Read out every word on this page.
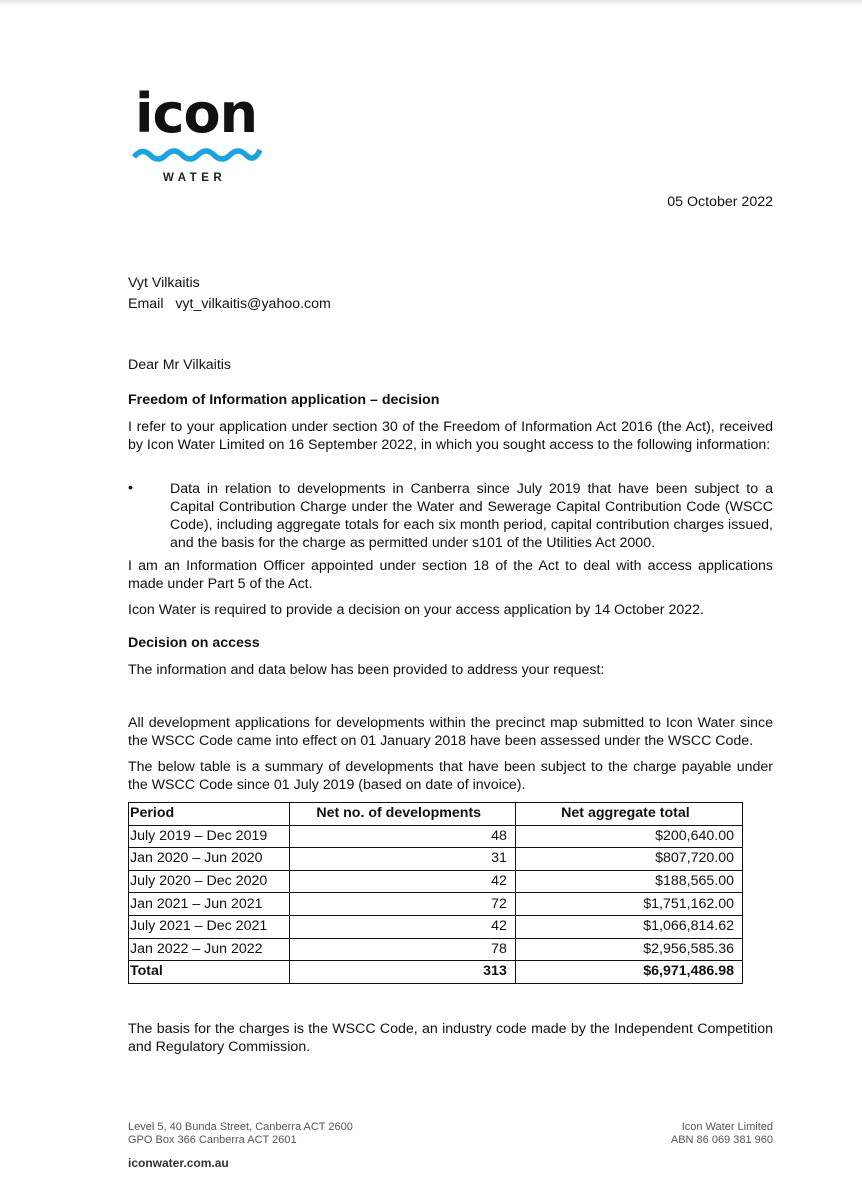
icon
WATER
05 October 2022
Vyt Vilkaitis
Email vyt_vilkaitis@yahoo.com
Dear Mr Vilkaitis
Freedom of Information application – decision
I refer to your application under section 30 of the Freedom of Information Act 2016 (the Act), received by Icon Water Limited on 16 September 2022, in which you sought access to the following information:
•	Data in relation to developments in Canberra since July 2019 that have been subject to a Capital Contribution Charge under the Water and Sewerage Capital Contribution Code (WSCC Code), including aggregate totals for each six month period, capital contribution charges issued, and the basis for the charge as permitted under s101 of the Utilities Act 2000.
I am an Information Officer appointed under section 18 of the Act to deal with access applications made under Part 5 of the Act.
Icon Water is required to provide a decision on your access application by 14 October 2022.
Decision on access
The information and data below has been provided to address your request:
All development applications for developments within the precinct map submitted to Icon Water since the WSCC Code came into effect on 01 January 2018 have been assessed under the WSCC Code.
The below table is a summary of developments that have been subject to the charge payable under the WSCC Code since 01 July 2019 (based on date of invoice).
Period	Net no. of developments	Net aggregate total
July 2019 – Dec 2019	48	$200,640.00
Jan 2020 – Jun 2020	31	$807,720.00
July 2020 – Dec 2020	42	$188,565.00
Jan 2021 – Jun 2021	72	$1,751,162.00
July 2021 – Dec 2021	42	$1,066,814.62
Jan 2022 – Jun 2022	78	$2,956,585.36
Total	313	$6,971,486.98
The basis for the charges is the WSCC Code, an industry code made by the Independent Competition and Regulatory Commission.
Level 5, 40 Bunda Street, Canberra ACT 2600
GPO Box 366 Canberra ACT 2601
Icon Water Limited
ABN 86 069 381 960
iconwater.com.au
